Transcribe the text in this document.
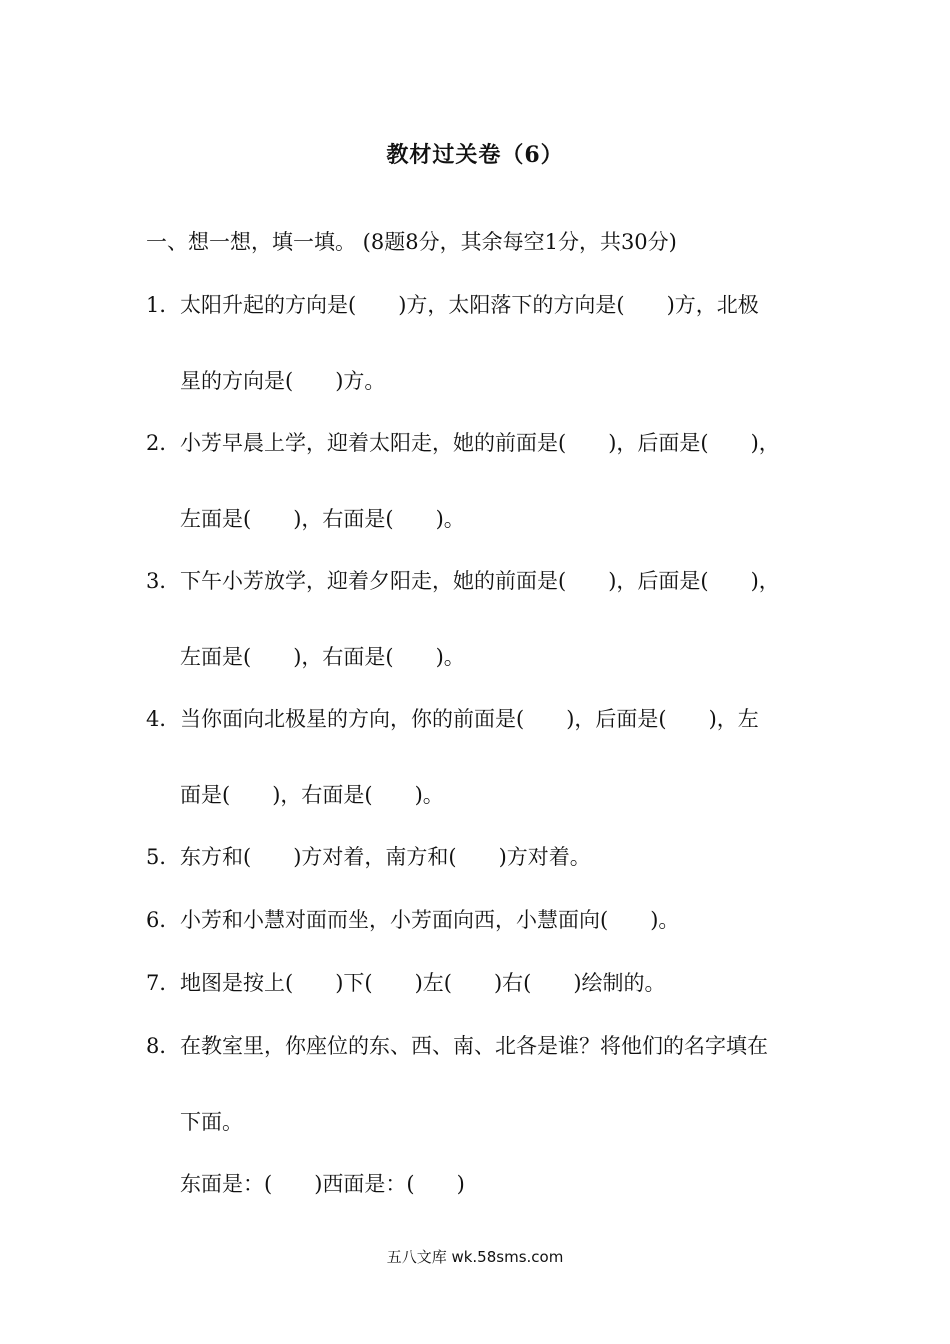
教材过关卷（6）
一、想一想，填一填。 (8题8分，其余每空1分，共30分)
1．太阳升起的方向是(　　)方，太阳落下的方向是(　　)方，北极
星的方向是(　　)方。
2．小芳早晨上学，迎着太阳走，她的前面是(　　)，后面是(　　)，
左面是(　　)，右面是(　　)。
3．下午小芳放学，迎着夕阳走，她的前面是(　　)，后面是(　　)，
左面是(　　)，右面是(　　)。
4．当你面向北极星的方向，你的前面是(　　)，后面是(　　)，左
面是(　　)，右面是(　　)。
5．东方和(　　)方对着，南方和(　　)方对着。
6．小芳和小慧对面而坐，小芳面向西，小慧面向(　　)。
7．地图是按上(　　)下(　　)左(　　)右(　　)绘制的。
8．在教室里，你座位的东、西、南、北各是谁？将他们的名字填在
下面。
东面是：(　　)西面是：(　　)
五八文库 wk.58sms.com
